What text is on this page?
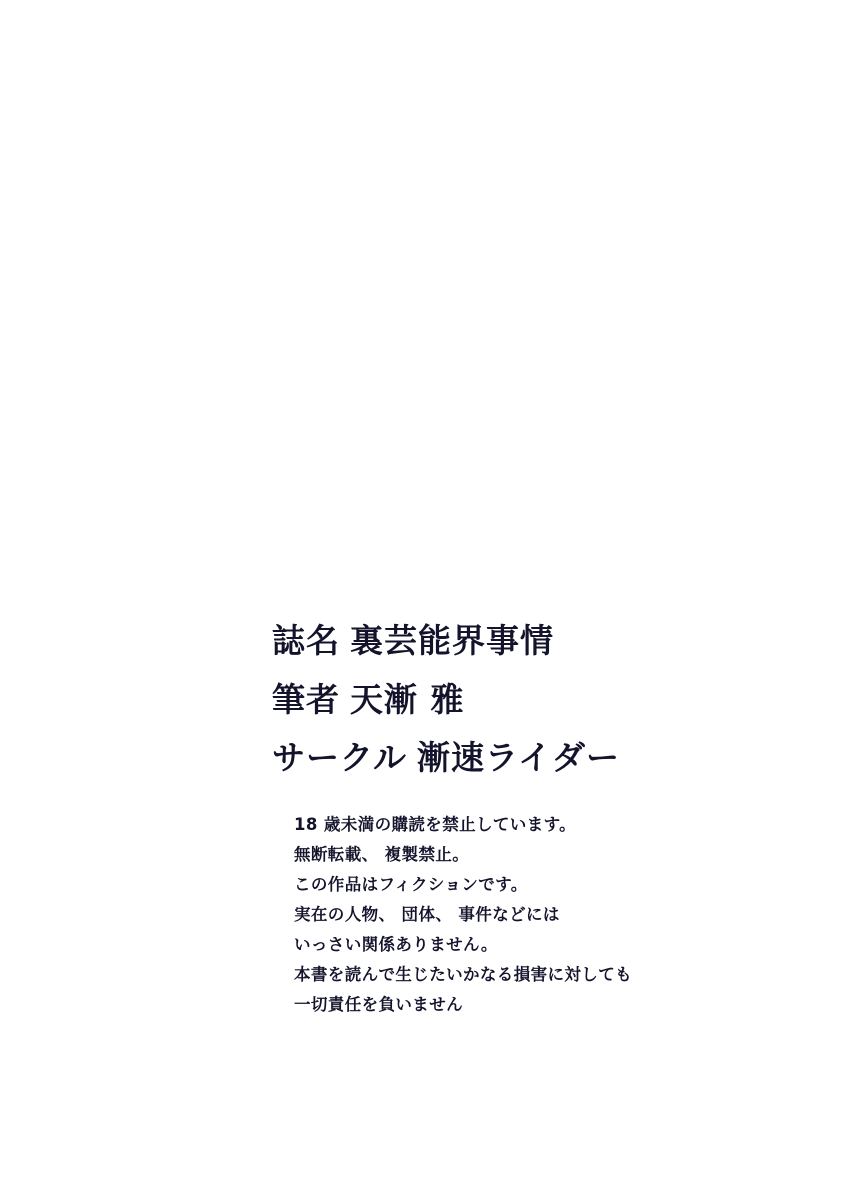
誌名 裏芸能界事情
筆者 天漸 雅
サークル 漸速ライダー
18 歳未満の購読を禁止しています。
無断転載、 複製禁止。
この作品はフィクションです。
実在の人物、 団体、 事件などには
いっさい関係ありません。
本書を読んで生じたいかなる損害に対しても
一切責任を負いません
